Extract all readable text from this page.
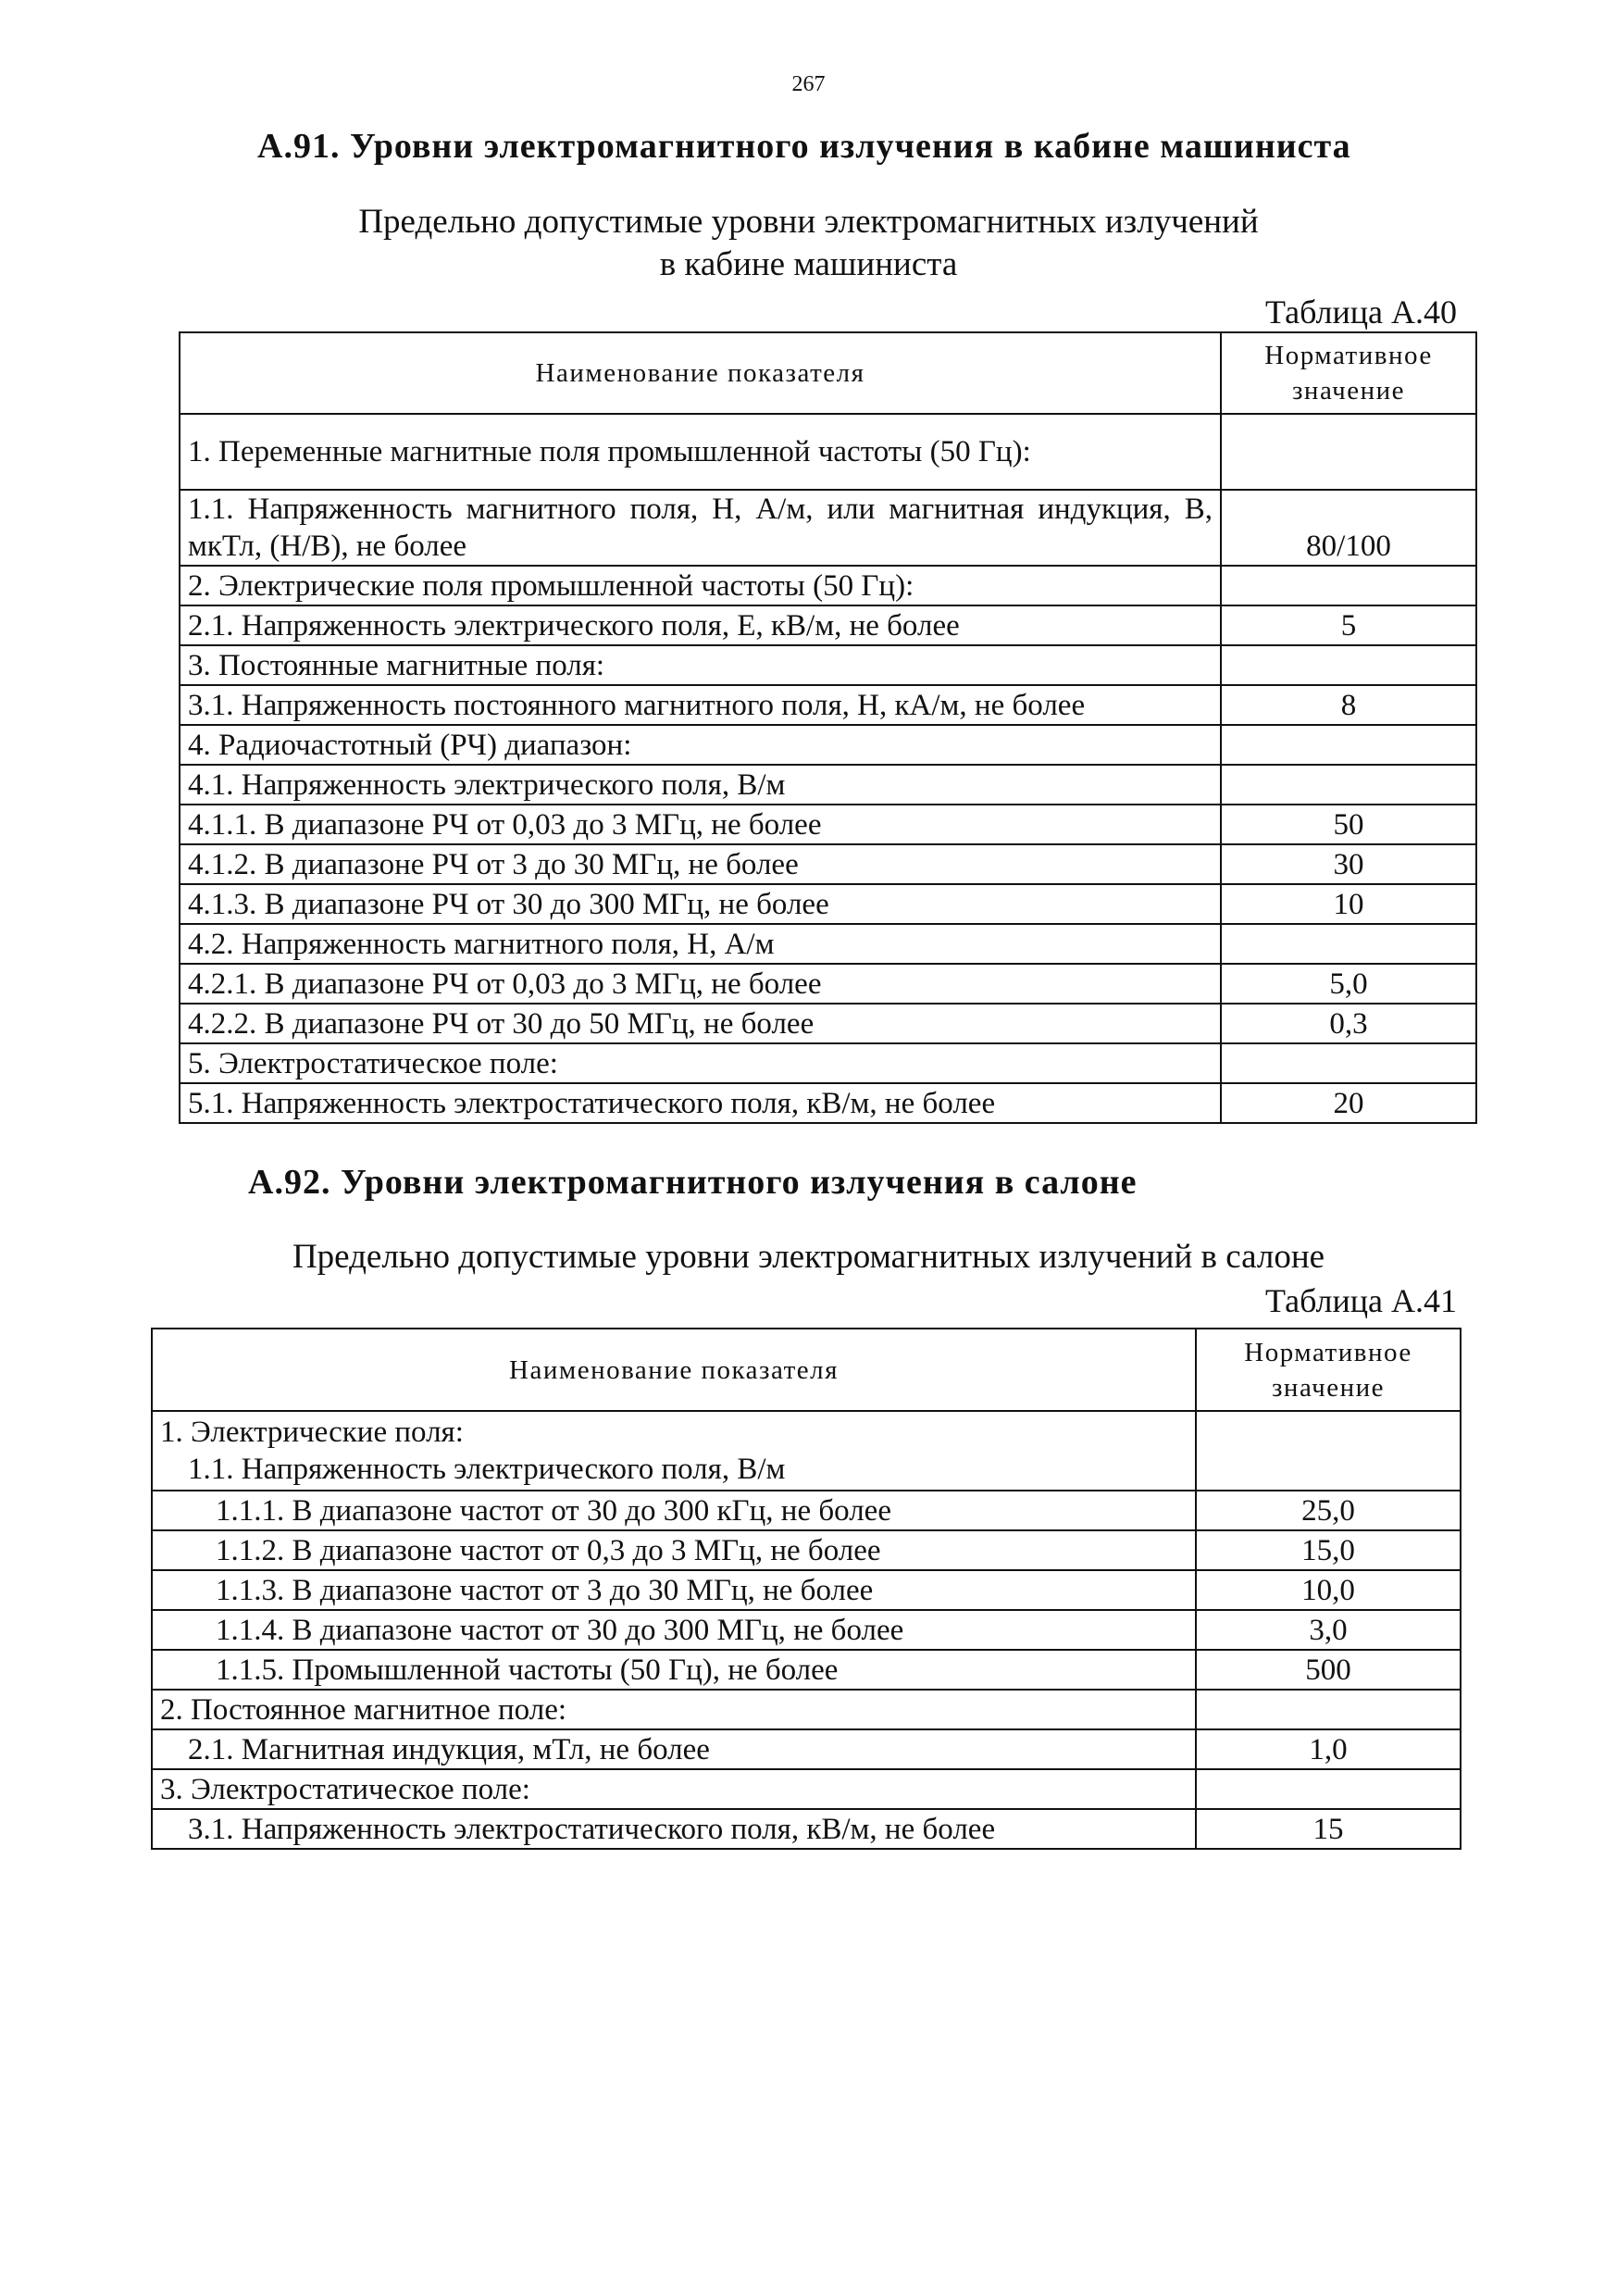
267
А.91. Уровни электромагнитного излучения в кабине машиниста
Предельно допустимые уровни электромагнитных излучений
в кабине машиниста
Таблица А.40
Наименование показателя	Нормативное
значение

1. Переменные магнитные поля промышленной частоты (50 Гц):	
1.1. Напряженность магнитного поля, Н, А/м, или магнитная индукция, В, мкТл, (Н/В), не более	80/100
2. Электрические поля промышленной частоты (50 Гц):	
2.1. Напряженность электрического поля, Е, кВ/м, не более	5
3. Постоянные магнитные поля:	
3.1. Напряженность постоянного магнитного поля, Н, кА/м, не более	8
4. Радиочастотный (РЧ) диапазон:	
4.1. Напряженность электрического поля, В/м	
4.1.1. В диапазоне РЧ от 0,03 до 3 МГц, не более	50
4.1.2. В диапазоне РЧ от 3 до 30 МГц, не более	30
4.1.3. В диапазоне РЧ от 30 до 300 МГц, не более	10
4.2. Напряженность магнитного поля, Н, А/м	
4.2.1. В диапазоне РЧ от 0,03 до 3 МГц, не более	5,0
4.2.2. В диапазоне РЧ от 30 до 50 МГц, не более	0,3
5. Электростатическое поле:	
5.1. Напряженность электростатического поля, кВ/м, не более	20
А.92. Уровни электромагнитного излучения в салоне
Предельно допустимые уровни электромагнитных излучений в салоне
Таблица А.41
Наименование показателя	Нормативное
значение

1. Электрические поля:
1.1. Напряженность электрического поля, В/м	

1.1.1. В диапазоне частот от 30 до 300 кГц, не более	25,0
1.1.2. В диапазоне частот от 0,3 до 3 МГц, не более	15,0
1.1.3. В диапазоне частот от 3 до 30 МГц, не более	10,0
1.1.4. В диапазоне частот от 30 до 300 МГц, не более	3,0
1.1.5. Промышленной частоты (50 Гц), не более	500
2. Постоянное магнитное поле:	
2.1. Магнитная индукция, мТл, не более	1,0
3. Электростатическое поле:	
3.1. Напряженность электростатического поля, кВ/м, не более	15
